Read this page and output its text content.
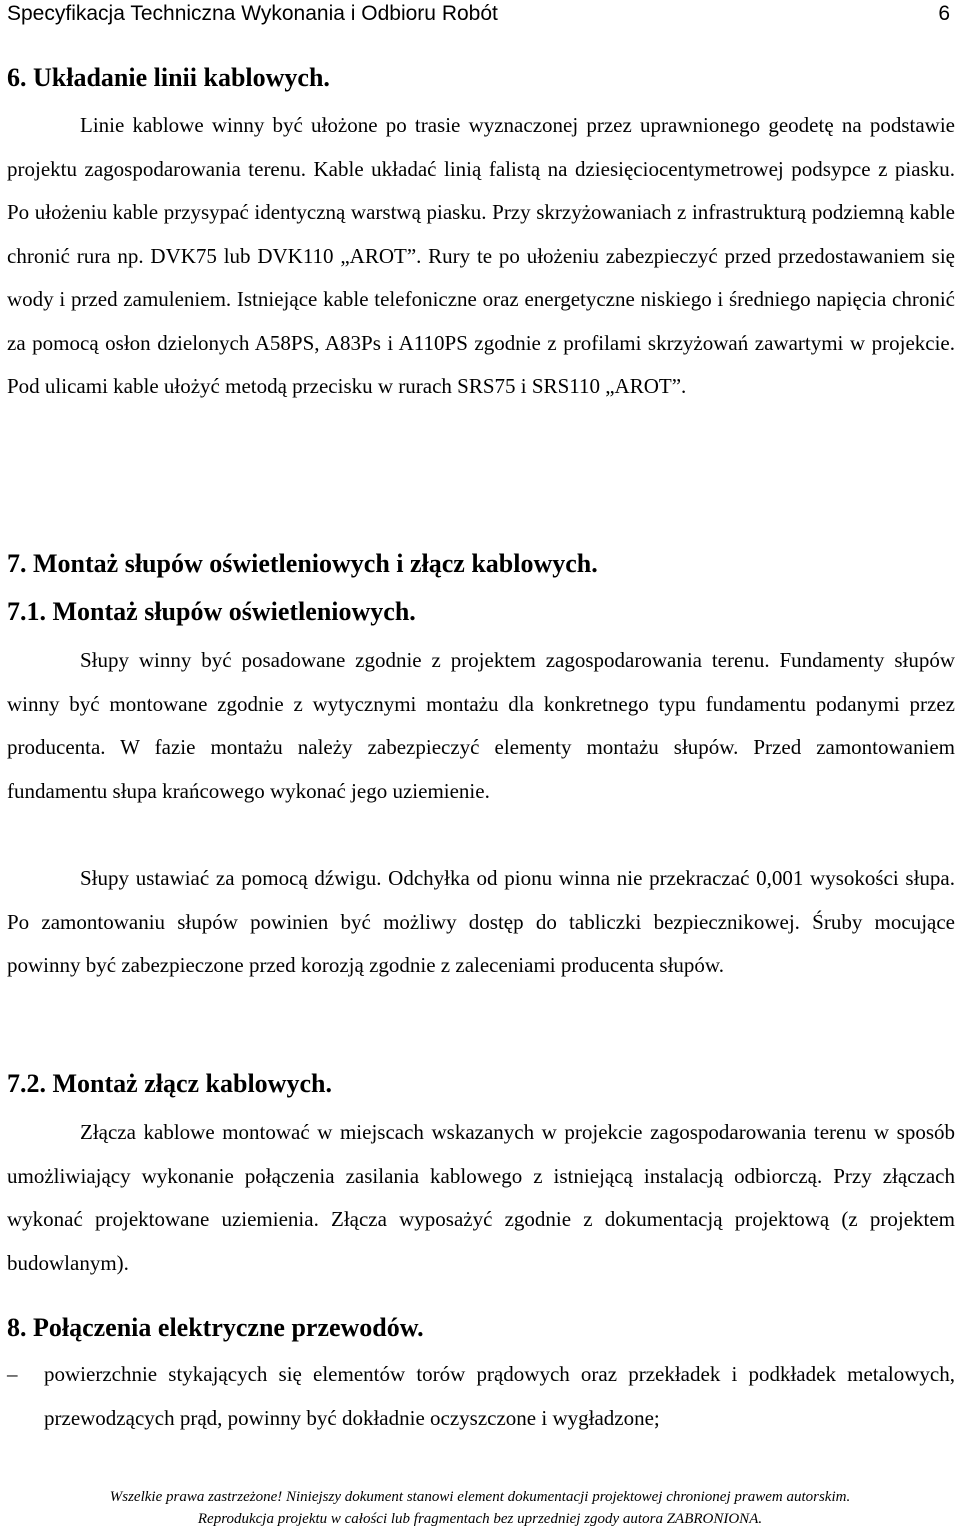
Specyfikacja Techniczna Wykonania i Odbioru Robót	6
6. Układanie linii kablowych.
Linie kablowe winny być ułożone po trasie wyznaczonej przez uprawnionego geodetę na podstawie projektu zagospodarowania terenu. Kable układać linią falistą na dziesięciocentymetrowej podsypce z piasku. Po ułożeniu kable przysypać identyczną warstwą piasku. Przy skrzyżowaniach z infrastrukturą podziemną kable chronić rura np. DVK75 lub DVK110 „AROT”. Rury te po ułożeniu zabezpieczyć przed przedostawaniem się wody i przed zamuleniem. Istniejące kable telefoniczne oraz energetyczne niskiego i średniego napięcia chronić za pomocą osłon dzielonych A58PS, A83Ps i A110PS zgodnie z profilami skrzyżowań zawartymi w projekcie. Pod ulicami kable ułożyć metodą przecisku w rurach SRS75 i SRS110 „AROT”.
7. Montaż słupów oświetleniowych i złącz kablowych.
7.1. Montaż słupów oświetleniowych.
Słupy winny być posadowane zgodnie z projektem zagospodarowania terenu. Fundamenty słupów winny być montowane zgodnie z wytycznymi montażu dla konkretnego typu fundamentu podanymi przez producenta. W fazie montażu należy zabezpieczyć elementy montażu słupów. Przed zamontowaniem fundamentu słupa krańcowego wykonać jego uziemienie.
Słupy ustawiać za pomocą dźwigu. Odchyłka od pionu winna nie przekraczać 0,001 wysokości słupa. Po zamontowaniu słupów powinien być możliwy dostęp do tabliczki bezpiecznikowej. Śruby mocujące powinny być zabezpieczone przed korozją zgodnie z zaleceniami producenta słupów.
7.2. Montaż złącz kablowych.
Złącza kablowe montować w miejscach wskazanych w projekcie zagospodarowania terenu w sposób umożliwiający wykonanie połączenia zasilania kablowego z istniejącą instalacją odbiorczą. Przy złączach wykonać projektowane uziemienia. Złącza wyposażyć zgodnie z dokumentacją projektową (z projektem budowlanym).
8. Połączenia elektryczne przewodów.
–	powierzchnie stykających się elementów torów prądowych oraz przekładek i podkładek metalowych, przewodzących prąd, powinny być dokładnie oczyszczone i wygładzone;
Wszelkie prawa zastrzeżone! Niniejszy dokument stanowi element dokumentacji projektowej chronionej prawem autorskim.
Reprodukcja projektu w całości lub fragmentach bez uprzedniej zgody autora ZABRONIONA.
